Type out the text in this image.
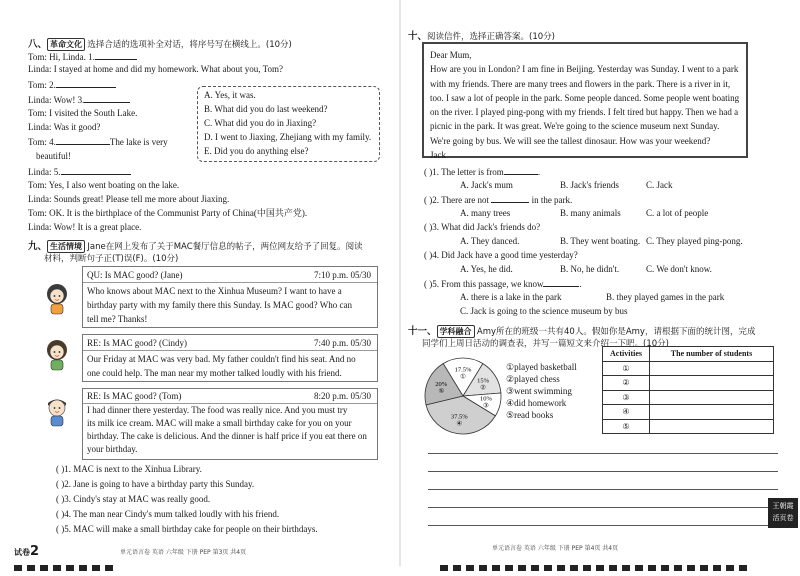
八、 革命文化 选择合适的选项补全对话，将序号写在横线上。(10分)
Tom: Hi, Linda. 1.
Linda: I stayed at home and did my homework. What about you, Tom?
Tom: 2.
Linda: Wow! 3.
Tom: I visited the South Lake.
Linda: Was it good?
Tom: 4.	The lake is very
beautiful!
Linda: 5.
Tom: Yes, I also went boating on the lake.
Linda: Sounds great! Please tell me more about Jiaxing.
Tom: OK. It is the birthplace of the Communist Party of China(中国共产党).
Linda: Wow! It is a great place.
A. Yes, it was.
B. What did you do last weekend?
C. What did you do in Jiaxing?
D. I went to Jiaxing, Zhejiang with my family.
E. Did you do anything else?
九、 生活情境 Jane在网上发布了关于MAC餐厅信息的帖子，两位网友给予了回复。阅读
材料，判断句子正(T)误(F)。(10分)
QU: Is MAC good? (Jane)	7:10 p.m. 05/30
Who knows about MAC next to the Xinhua Museum? I want to have a
birthday party with my family there this Sunday. Is MAC good? Who can
tell me? Thanks!
RE: Is MAC good? (Cindy)	7:40 p.m. 05/30
Our Friday at MAC was very bad. My father couldn't find his seat. And no
one could help. The man near my mother talked loudly with his friend.
RE: Is MAC good? (Tom)	8:20 p.m. 05/30
I had dinner there yesterday. The food was really nice. And you must try
its milk ice cream. MAC will make a small birthday cake for you on your
birthday. The cake is delicious. And the dinner is half price if you eat there on
your birthday.
( )1. MAC is next to the Xinhua Library.
( )2. Jane is going to have a birthday party this Sunday.
( )3. Cindy's stay at MAC was really good.
( )4. The man near Cindy's mum talked loudly with his friend.
( )5. MAC will make a small birthday cake for people on their birthdays.
试卷2	单元语言卷 英语 六年级 下册 PEP 第3页 共4页
十、阅读信件，选择正确答案。(10分)
Dear Mum,
How are you in London? I am fine in Beijing. Yesterday was Sunday. I went to a park with my friends. There are many trees and flowers in the park. There is a river in it, too. I saw a lot of people in the park. Some people danced. Some people went boating on the river. I played ping-pong with my friends. I felt tired but happy. Then we had a picnic in the park. It was great. We're going to the science museum next Sunday. We're going by bus. We will see the tallest dinosaur. How was your weekend?
Jack
( )1. The letter is from	.
A. Jack's mum	B. Jack's friends	C. Jack
( )2. There are not	in the park.
A. many trees	B. many animals	C. a lot of people
( )3. What did Jack's friends do?
A. They danced.	B. They went boating. C. They played ping-pong.
( )4. Did Jack have a good time yesterday?
A. Yes, he did.	B. No, he didn't.	C. We don't know.
( )5. From this passage, we know	.
A. there is a lake in the park	B. they played games in the park
C. Jack is going to the science museum by bus
十一、 学科融合 Amy所在的班级一共有40人。假如你是Amy，请根据下面的统计图，完成
同学们上周日活动的调查表，并写一篇短文来介绍一下吧。(10分)
17.5%
①
15%
②
10%
③
37.5%
④
20%
⑤
①played basketball
②played chess
③went swimming
④did homework
⑤read books
Activities	The number of students
①	
②	
③	
④	
⑤	
王朝霞
活页卷
单元语言卷 英语 六年级 下册 PEP 第4页 共4页
